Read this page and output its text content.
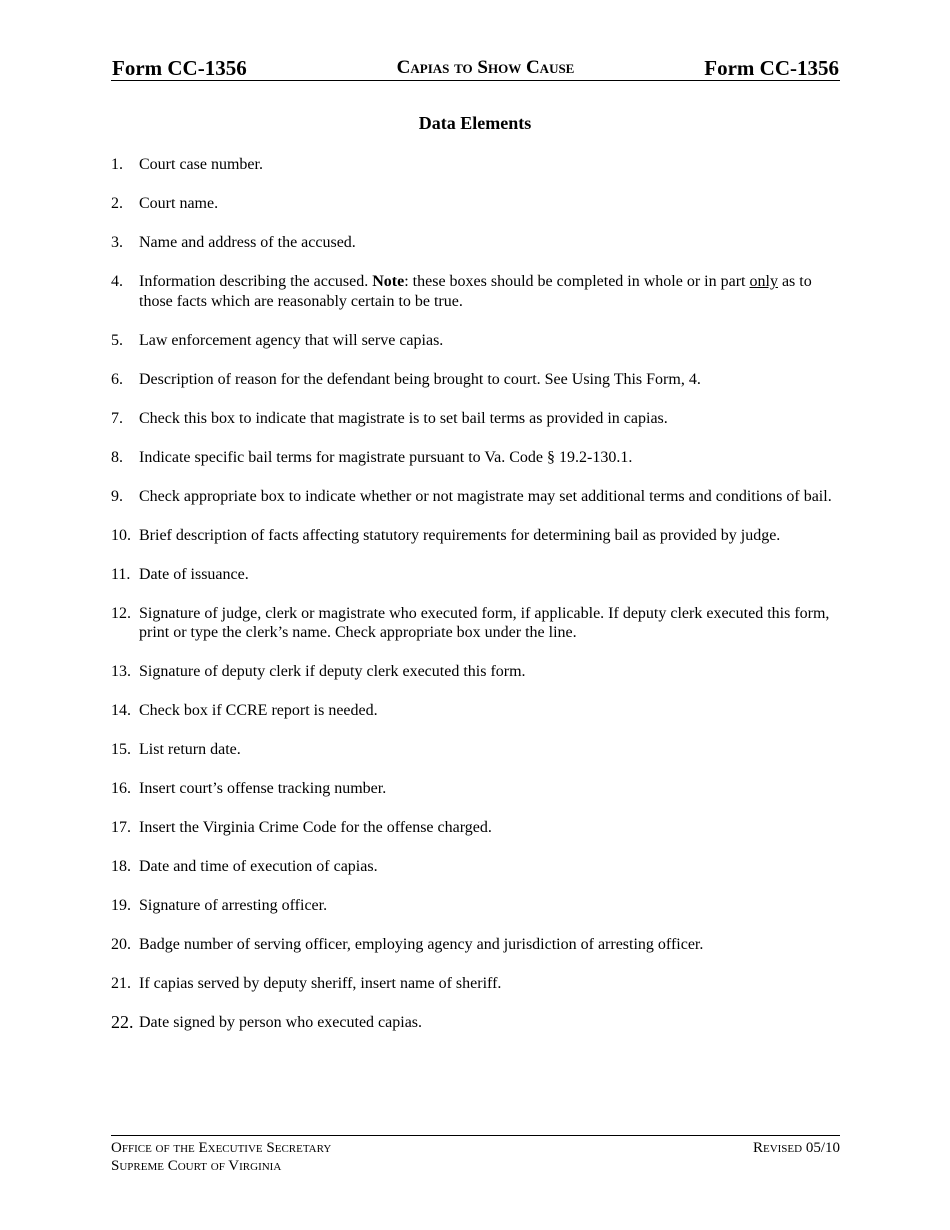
Form CC-1356	Capias to Show Cause	Form CC-1356
Data Elements
1. Court case number.
2. Court name.
3. Name and address of the accused.
4. Information describing the accused. Note: these boxes should be completed in whole or in part only as to those facts which are reasonably certain to be true.
5. Law enforcement agency that will serve capias.
6. Description of reason for the defendant being brought to court. See Using This Form, 4.
7. Check this box to indicate that magistrate is to set bail terms as provided in capias.
8. Indicate specific bail terms for magistrate pursuant to Va. Code § 19.2-130.1.
9. Check appropriate box to indicate whether or not magistrate may set additional terms and conditions of bail.
10. Brief description of facts affecting statutory requirements for determining bail as provided by judge.
11. Date of issuance.
12. Signature of judge, clerk or magistrate who executed form, if applicable. If deputy clerk executed this form, print or type the clerk’s name. Check appropriate box under the line.
13. Signature of deputy clerk if deputy clerk executed this form.
14. Check box if CCRE report is needed.
15. List return date.
16. Insert court’s offense tracking number.
17. Insert the Virginia Crime Code for the offense charged.
18. Date and time of execution of capias.
19. Signature of arresting officer.
20. Badge number of serving officer, employing agency and jurisdiction of arresting officer.
21. If capias served by deputy sheriff, insert name of sheriff.
22. Date signed by person who executed capias.
Office of the Executive Secretary
Supreme Court of Virginia
Revised 05/10
